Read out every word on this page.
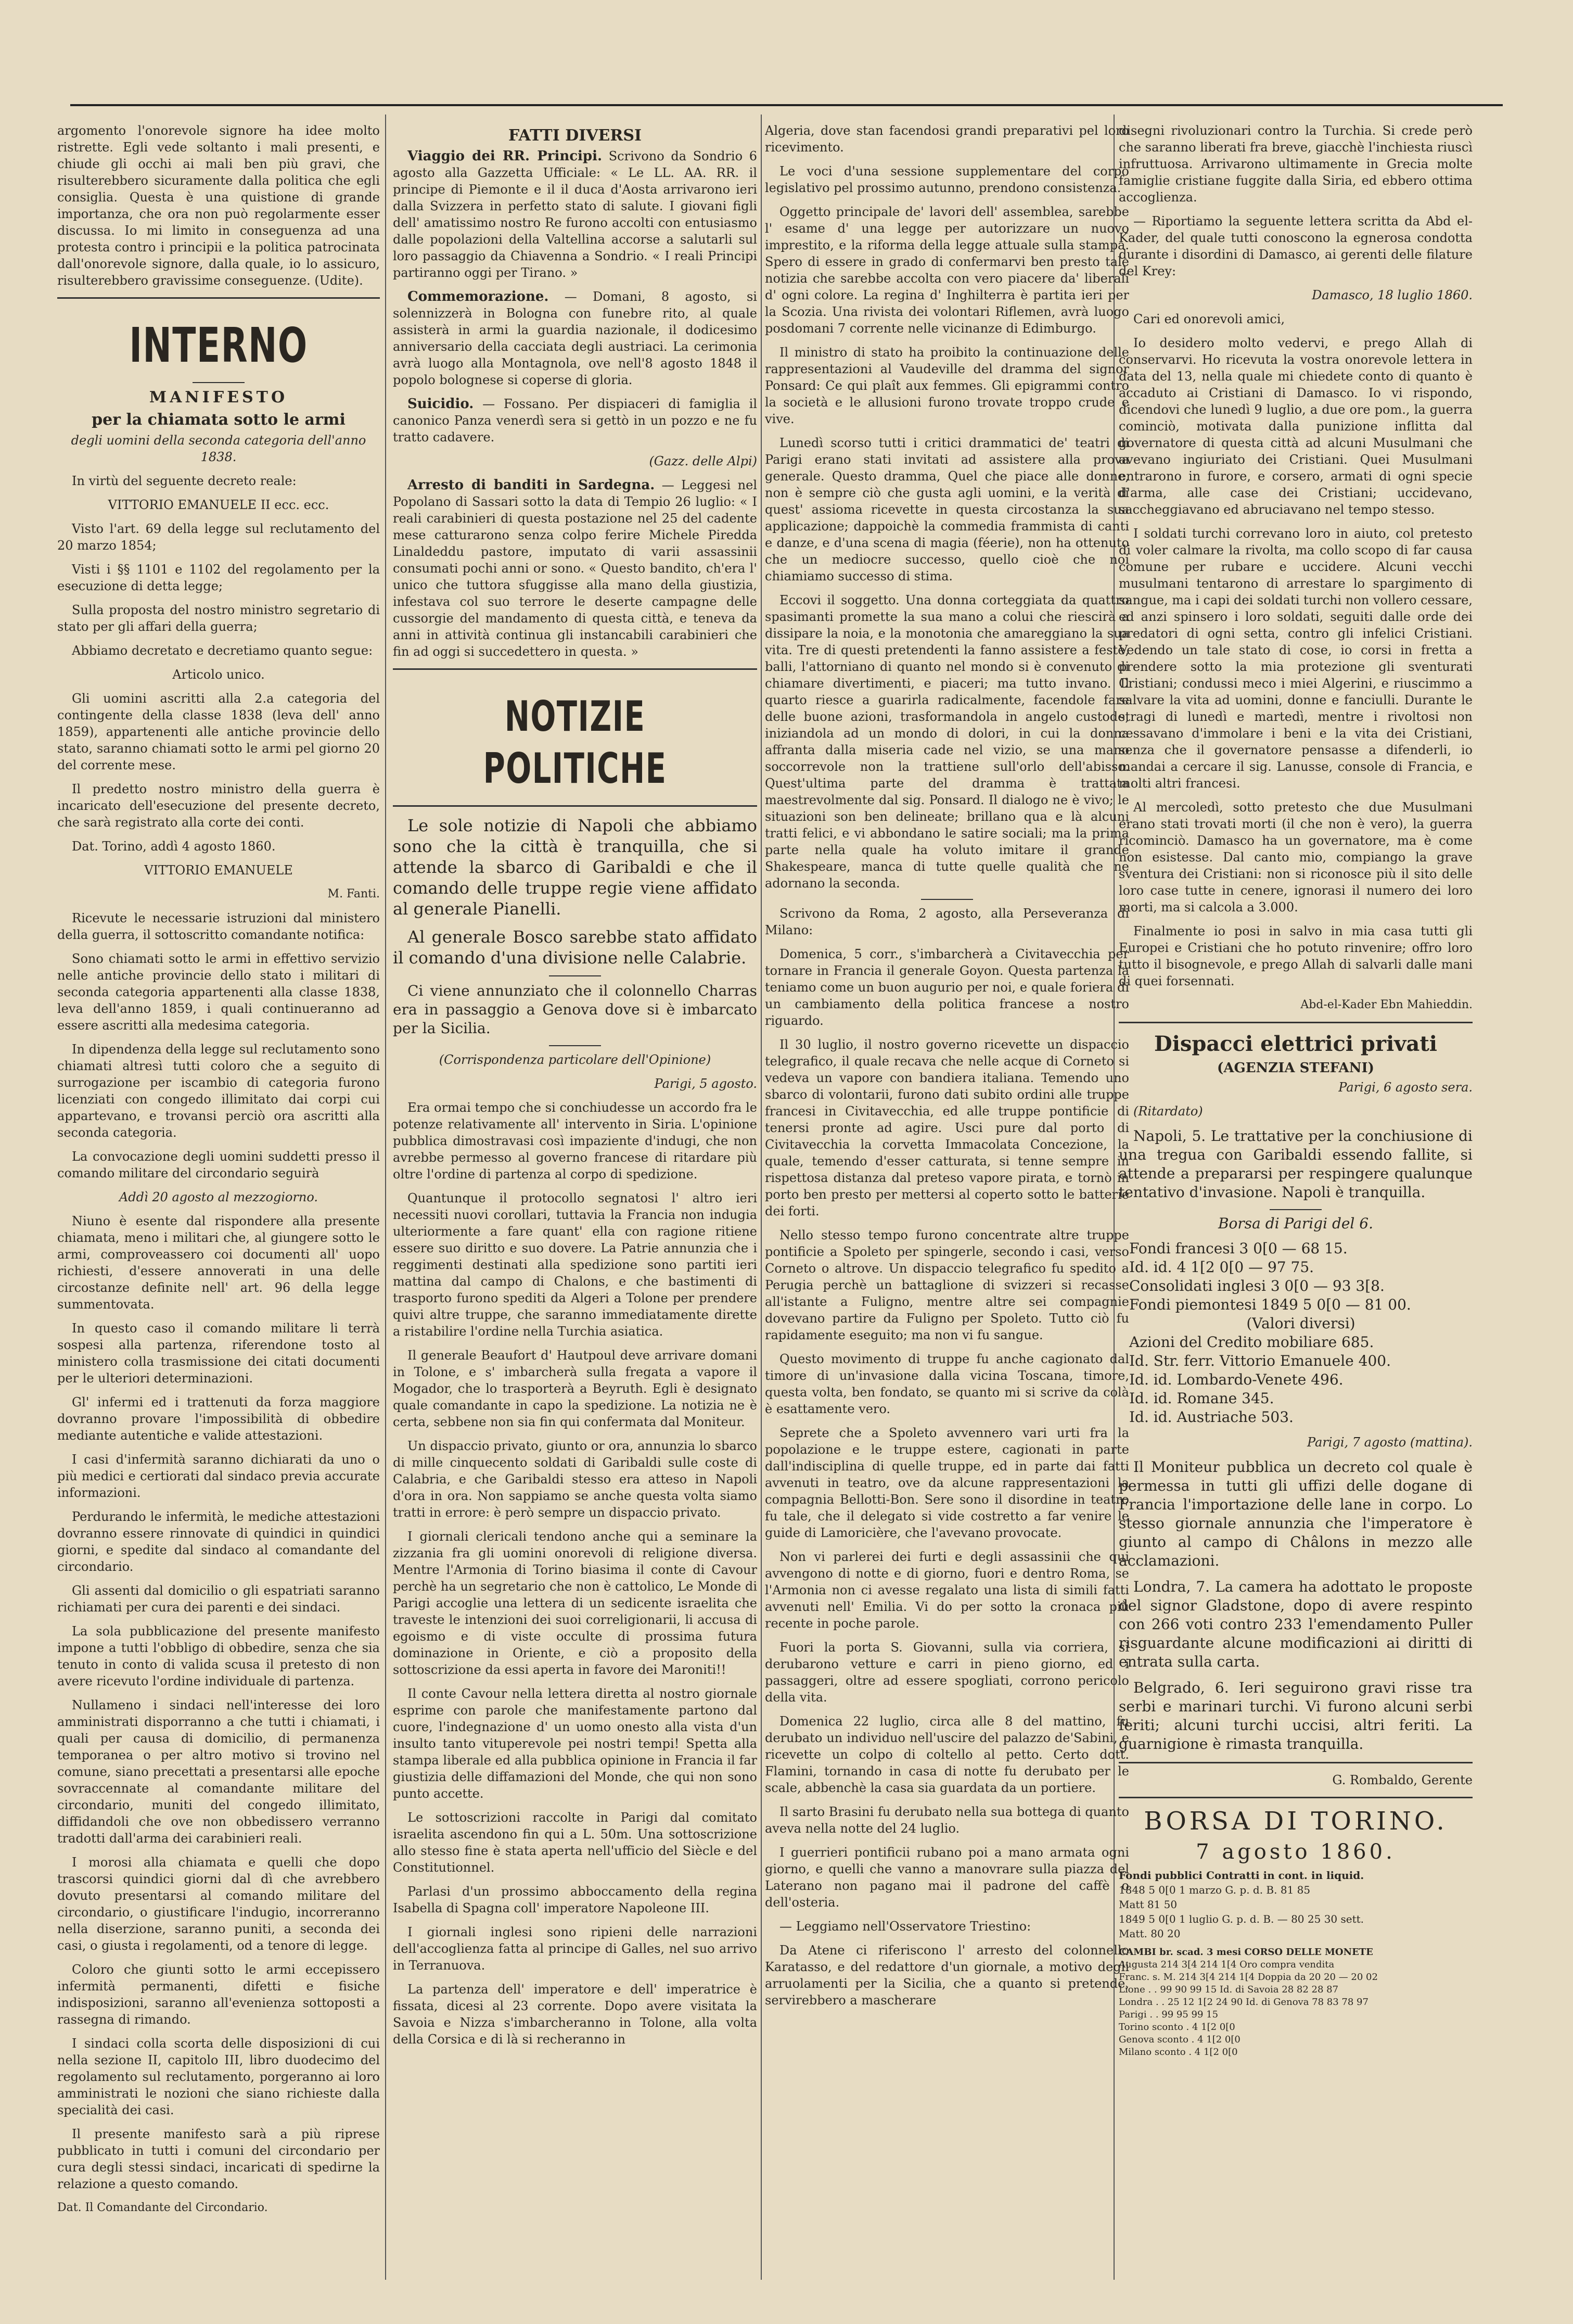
argomento l'onorevole signore ha idee molto ristrette. Egli vede soltanto i mali presenti, e chiude gli occhi ai mali ben più gravi, che risulterebbero sicuramente dalla politica che egli consiglia. Questa è una quistione di grande importanza, che ora non può regolarmente esser discussa. Io mi limito in conseguenza ad una protesta contro i principii e la politica patrocinata dall'onorevole signore, dalla quale, io lo assicuro, risulterebbero gravissime conseguenze. (Udite).

INTERNO
MANIFESTO
per la chiamata sotto le armi

degli uomini della seconda categoria dell'anno 1838.

In virtù del seguente decreto reale:

VITTORIO EMANUELE II ecc. ecc.

Visto l'art. 69 della legge sul reclutamento del 20 marzo 1854;

Visti i §§ 1101 e 1102 del regolamento per la esecuzione di detta legge;

Sulla proposta del nostro ministro segretario di stato per gli affari della guerra;

Abbiamo decretato e decretiamo quanto segue:

Articolo unico.

Gli uomini ascritti alla 2.a categoria del contingente della classe 1838 (leva dell' anno 1859), appartenenti alle antiche provincie dello stato, saranno chiamati sotto le armi pel giorno 20 del corrente mese.

Il predetto nostro ministro della guerra è incaricato dell'esecuzione del presente decreto, che sarà registrato alla corte dei conti.

Dat. Torino, addì 4 agosto 1860.

VITTORIO EMANUELE

M. Fanti.

Ricevute le necessarie istruzioni dal ministero della guerra, il sottoscritto comandante notifica:

Sono chiamati sotto le armi in effettivo servizio nelle antiche provincie dello stato i militari di seconda categoria appartenenti alla classe 1838, leva dell'anno 1859, i quali continueranno ad essere ascritti alla medesima categoria.

In dipendenza della legge sul reclutamento sono chiamati altresì tutti coloro che a seguito di surrogazione per iscambio di categoria furono licenziati con congedo illimitato dai corpi cui appartevano, e trovansi perciò ora ascritti alla seconda categoria.

La convocazione degli uomini suddetti presso il comando militare del circondario seguirà

Addì 20 agosto al mezzogiorno.

Niuno è esente dal rispondere alla presente chiamata, meno i militari che, al giungere sotto le armi, comproveassero coi documenti all' uopo richiesti, d'essere annoverati in una delle circostanze definite nell' art. 96 della legge summentovata.

In questo caso il comando militare li terrà sospesi alla partenza, riferendone tosto al ministero colla trasmissione dei citati documenti per le ulteriori determinazioni.

Gl' infermi ed i trattenuti da forza maggiore dovranno provare l'impossibilità di obbedire mediante autentiche e valide attestazioni.

I casi d'infermità saranno dichiarati da uno o più medici e certiorati dal sindaco previa accurate informazioni.

Perdurando le infermità, le mediche attestazioni dovranno essere rinnovate di quindici in quindici giorni, e spedite dal sindaco al comandante del circondario.

Gli assenti dal domicilio o gli espatriati saranno richiamati per cura dei parenti e dei sindaci.

La sola pubblicazione del presente manifesto impone a tutti l'obbligo di obbedire, senza che sia tenuto in conto di valida scusa il pretesto di non avere ricevuto l'ordine individuale di partenza.

Nullameno i sindaci nell'interesse dei loro amministrati disporranno a che tutti i chiamati, i quali per causa di domicilio, di permanenza temporanea o per altro motivo si trovino nel comune, siano precettati a presentarsi alle epoche sovraccennate al comandante militare del circondario, muniti del congedo illimitato, diffidandoli che ove non obbedissero verranno tradotti dall'arma dei carabinieri reali.

I morosi alla chiamata e quelli che dopo trascorsi quindici giorni dal dì che avrebbero dovuto presentarsi al comando militare del circondario, o giustificare l'indugio, incorreranno nella diserzione, saranno puniti, a seconda dei casi, o giusta i regolamenti, od a tenore di legge.

Coloro che giunti sotto le armi eccepissero infermità permanenti, difetti e fisiche indisposizioni, saranno all'evenienza sottoposti a rassegna di rimando.

I sindaci colla scorta delle disposizioni di cui nella sezione II, capitolo III, libro duodecimo del regolamento sul reclutamento, porgeranno ai loro amministrati le nozioni che siano richieste dalla specialità dei casi.

Il presente manifesto sarà a più riprese pubblicato in tutti i comuni del circondario per cura degli stessi sindaci, incaricati di spedirne la relazione a questo comando.

Dat. Il Comandante del Circondario.

FATTI DIVERSI

Viaggio dei RR. Principi. Scrivono da Sondrio 6 agosto alla Gazzetta Ufficiale: « Le LL. AA. RR. il principe di Piemonte e il il duca d'Aosta arrivarono ieri dalla Svizzera in perfetto stato di salute. I giovani figli dell' amatissimo nostro Re furono accolti con entusiasmo dalle popolazioni della Valtellina accorse a salutarli sul loro passaggio da Chiavenna a Sondrio. « I reali Principi partiranno oggi per Tirano. »

Commemorazione. — Domani, 8 agosto, si solennizzerà in Bologna con funebre rito, al quale assisterà in armi la guardia nazionale, il dodicesimo anniversario della cacciata degli austriaci. La cerimonia avrà luogo alla Montagnola, ove nell'8 agosto 1848 il popolo bolognese si coperse di gloria.

Suicidio. — Fossano. Per dispiaceri di famiglia il canonico Panza venerdì sera si gettò in un pozzo e ne fu tratto cadavere.

(Gazz. delle Alpi)

Arresto di banditi in Sardegna. — Leggesi nel Popolano di Sassari sotto la data di Tempio 26 luglio: « I reali carabinieri di questa postazione nel 25 del cadente mese catturarono senza colpo ferire Michele Piredda Linaldeddu pastore, imputato di varii assassinii consumati pochi anni or sono. « Questo bandito, ch'era l' unico che tuttora sfuggisse alla mano della giustizia, infestava col suo terrore le deserte campagne delle cussorgie del mandamento di questa città, e teneva da anni in attività continua gli instancabili carabinieri che fin ad oggi si succedettero in questa. »

NOTIZIE POLITICHE

Le sole notizie di Napoli che abbiamo sono che la città è tranquilla, che si attende la sbarco di Garibaldi e che il comando delle truppe regie viene affidato al generale Pianelli.

Al generale Bosco sarebbe stato affidato il comando d'una divisione nelle Calabrie.

Ci viene annunziato che il colonnello Charras era in passaggio a Genova dove si è imbarcato per la Sicilia.

(Corrispondenza particolare dell'Opinione)

Parigi, 5 agosto.

Era ormai tempo che si conchiudesse un accordo fra le potenze relativamente all' intervento in Siria. L'opinione pubblica dimostravasi così impaziente d'indugi, che non avrebbe permesso al governo francese di ritardare più oltre l'ordine di partenza al corpo di spedizione.

Quantunque il protocollo segnatosi l' altro ieri necessiti nuovi corollari, tuttavia la Francia non indugia ulteriormente a fare quant' ella con ragione ritiene essere suo diritto e suo dovere. La Patrie annunzia che i reggimenti destinati alla spedizione sono partiti ieri mattina dal campo di Chalons, e che bastimenti di trasporto furono spediti da Algeri a Tolone per prendere quivi altre truppe, che saranno immediatamente dirette a ristabilire l'ordine nella Turchia asiatica.

Il generale Beaufort d' Hautpoul deve arrivare domani in Tolone, e s' imbarcherà sulla fregata a vapore il Mogador, che lo trasporterà a Beyruth. Egli è designato quale comandante in capo la spedizione. La notizia ne è certa, sebbene non sia fin qui confermata dal Moniteur.

Un dispaccio privato, giunto or ora, annunzia lo sbarco di mille cinquecento soldati di Garibaldi sulle coste di Calabria, e che Garibaldi stesso era atteso in Napoli d'ora in ora. Non sappiamo se anche questa volta siamo tratti in errore: è però sempre un dispaccio privato.

I giornali clericali tendono anche qui a seminare la zizzania fra gli uomini onorevoli di religione diversa. Mentre l'Armonia di Torino biasima il conte di Cavour perchè ha un segretario che non è cattolico, Le Monde di Parigi accoglie una lettera di un sedicente israelita che traveste le intenzioni dei suoi correligionarii, li accusa di egoismo e di viste occulte di prossima futura dominazione in Oriente, e ciò a proposito della sottoscrizione da essi aperta in favore dei Maroniti!!

Il conte Cavour nella lettera diretta al nostro giornale esprime con parole che manifestamente partono dal cuore, l'indegnazione d' un uomo onesto alla vista d'un insulto tanto vituperevole pei nostri tempi! Spetta alla stampa liberale ed alla pubblica opinione in Francia il far giustizia delle diffamazioni del Monde, che qui non sono punto accette.

Le sottoscrizioni raccolte in Parigi dal comitato israelita ascendono fin qui a L. 50m. Una sottoscrizione allo stesso fine è stata aperta nell'ufficio del Siècle e del Constitutionnel.

Parlasi d'un prossimo abboccamento della regina Isabella di Spagna coll' imperatore Napoleone III.

I giornali inglesi sono ripieni delle narrazioni dell'accoglienza fatta al principe di Galles, nel suo arrivo in Terranuova.

La partenza dell' imperatore e dell' imperatrice è fissata, dicesi al 23 corrente. Dopo avere visitata la Savoia e Nizza s'imbarcheranno in Tolone, alla volta della Corsica e di là si recheranno in

Algeria, dove stan facendosi grandi preparativi pel loro ricevimento.

Le voci d'una sessione supplementare del corpo legislativo pel prossimo autunno, prendono consistenza.

Oggetto principale de' lavori dell' assemblea, sarebbe l' esame d' una legge per autorizzare un nuovo imprestito, e la riforma della legge attuale sulla stampa. Spero di essere in grado di confermarvi ben presto tale notizia che sarebbe accolta con vero piacere da' liberali d' ogni colore. La regina d' Inghilterra è partita ieri per la Scozia. Una rivista dei volontari Riflemen, avrà luogo posdomani 7 corrente nelle vicinanze di Edimburgo.

Il ministro di stato ha proibito la continuazione delle rappresentazioni al Vaudeville del dramma del signor Ponsard: Ce qui plaît aux femmes. Gli epigrammi contro la società e le allusioni furono trovate troppo crude e vive.

Lunedì scorso tutti i critici drammatici de' teatri di Parigi erano stati invitati ad assistere alla prova generale. Questo dramma, Quel che piace alle donne, non è sempre ciò che gusta agli uomini, e la verità di quest' assioma ricevette in questa circostanza la sua applicazione; dappoichè la commedia frammista di canti e danze, e d'una scena di magia (féerie), non ha ottenuto che un mediocre successo, quello cioè che noi chiamiamo successo di stima.

Eccovi il soggetto. Una donna corteggiata da quattro spasimanti promette la sua mano a colui che riescirà a dissipare la noia, e la monotonia che amareggiano la sua vita. Tre di questi pretendenti la fanno assistere a feste, balli, l'attorniano di quanto nel mondo si è convenuto di chiamare divertimenti, e piaceri; ma tutto invano. Il quarto riesce a guarirla radicalmente, facendole fare delle buone azioni, trasformandola in angelo custode, iniziandola ad un mondo di dolori, in cui la donna affranta dalla miseria cade nel vizio, se una mano soccorrevole non la trattiene sull'orlo dell'abisso. Quest'ultima parte del dramma è trattata maestrevolmente dal sig. Ponsard. Il dialogo ne è vivo; le situazioni son ben delineate; brillano qua e là alcuni tratti felici, e vi abbondano le satire sociali; ma la prima parte nella quale ha voluto imitare il grande Shakespeare, manca di tutte quelle qualità che ne adornano la seconda.

Scrivono da Roma, 2 agosto, alla Perseveranza di Milano:

Domenica, 5 corr., s'imbarcherà a Civitavecchia per tornare in Francia il generale Goyon. Questa partenza la teniamo come un buon augurio per noi, e quale foriera di un cambiamento della politica francese a nostro riguardo.

Il 30 luglio, il nostro governo ricevette un dispaccio telegrafico, il quale recava che nelle acque di Corneto si vedeva un vapore con bandiera italiana. Temendo uno sbarco di volontarii, furono dati subito ordini alle truppe francesi in Civitavecchia, ed alle truppe pontificie di tenersi pronte ad agire. Usci pure dal porto di Civitavecchia la corvetta Immacolata Concezione, la quale, temendo d'esser catturata, si tenne sempre in rispettosa distanza dal preteso vapore pirata, e tornò in porto ben presto per mettersi al coperto sotto le batterie dei forti.

Nello stesso tempo furono concentrate altre truppe pontificie a Spoleto per spingerle, secondo i casi, verso Corneto o altrove. Un dispaccio telegrafico fu spedito a Perugia perchè un battaglione di svizzeri si recasse all'istante a Fuligno, mentre altre sei compagnie dovevano partire da Fuligno per Spoleto. Tutto ciò fu rapidamente eseguito; ma non vi fu sangue.

Questo movimento di truppe fu anche cagionato dal timore di un'invasione dalla vicina Toscana, timore, questa volta, ben fondato, se quanto mi si scrive da colà è esattamente vero.

Seprete che a Spoleto avvennero vari urti fra la popolazione e le truppe estere, cagionati in parte dall'indisciplina di quelle truppe, ed in parte dai fatti avvenuti in teatro, ove da alcune rappresentazioni la compagnia Bellotti-Bon. Sere sono il disordine in teatro fu tale, che il delegato si vide costretto a far venire le guide di Lamoricière, che l'avevano provocate.

Non vi parlerei dei furti e degli assassinii che qui avvengono di notte e di giorno, fuori e dentro Roma, se l'Armonia non ci avesse regalato una lista di simili fatti avvenuti nell' Emilia. Vi do per sotto la cronaca più recente in poche parole.

Fuori la porta S. Giovanni, sulla via corriera, si derubarono vetture e carri in pieno giorno, ed i passaggeri, oltre ad essere spogliati, corrono pericolo della vita.

Domenica 22 luglio, circa alle 8 del mattino, fu derubato un individuo nell'uscire del palazzo de'Sabini, e ricevette un colpo di coltello al petto. Certo dott. Flamini, tornando in casa di notte fu derubato per le scale, abbenchè la casa sia guardata da un portiere.

Il sarto Brasini fu derubato nella sua bottega di quanto aveva nella notte del 24 luglio.

I guerrieri pontificii rubano poi a mano armata ogni giorno, e quelli che vanno a manovrare sulla piazza del Laterano non pagano mai il padrone del caffè o dell'osteria.

— Leggiamo nell'Osservatore Triestino:

Da Atene ci riferiscono l' arresto del colonnello Karatasso, e del redattore d'un giornale, a motivo degli arruolamenti per la Sicilia, che a quanto si pretende, servirebbero a mascherare

disegni rivoluzionari contro la Turchia. Si crede però che saranno liberati fra breve, giacchè l'inchiesta riuscì infruttuosa. Arrivarono ultimamente in Grecia molte famiglie cristiane fuggite dalla Siria, ed ebbero ottima accoglienza.

— Riportiamo la seguente lettera scritta da Abd el-Kader, del quale tutti conoscono la egnerosa condotta durante i disordini di Damasco, ai gerenti delle filature del Krey:

Damasco, 18 luglio 1860.

Cari ed onorevoli amici,

Io desidero molto vedervi, e prego Allah di conservarvi. Ho ricevuta la vostra onorevole lettera in data del 13, nella quale mi chiedete conto di quanto è accaduto ai Cristiani di Damasco. Io vi rispondo, dicendovi che lunedì 9 luglio, a due ore pom., la guerra cominciò, motivata dalla punizione inflitta dal governatore di questa città ad alcuni Musulmani che avevano ingiuriato dei Cristiani. Quei Musulmani entrarono in furore, e corsero, armati di ogni specie d'arma, alle case dei Cristiani; uccidevano, saccheggiavano ed abruciavano nel tempo stesso.

I soldati turchi correvano loro in aiuto, col pretesto di voler calmare la rivolta, ma collo scopo di far causa comune per rubare e uccidere. Alcuni vecchi musulmani tentarono di arrestare lo spargimento di sangue, ma i capi dei soldati turchi non vollero cessare, ed anzi spinsero i loro soldati, seguiti dalle orde dei predatori di ogni setta, contro gli infelici Cristiani. Vedendo un tale stato di cose, io corsi in fretta a prendere sotto la mia protezione gli sventurati Cristiani; condussi meco i miei Algerini, e riuscimmo a salvare la vita ad uomini, donne e fanciulli. Durante le stragi di lunedì e martedì, mentre i rivoltosi non cessavano d'immolare i beni e la vita dei Cristiani, senza che il governatore pensasse a difenderli, io mandai a cercare il sig. Lanusse, console di Francia, e molti altri francesi.

Al mercoledì, sotto pretesto che due Musulmani erano stati trovati morti (il che non è vero), la guerra ricominciò. Damasco ha un governatore, ma è come non esistesse. Dal canto mio, compiango la grave sventura dei Cristiani: non si riconosce più il sito delle loro case tutte in cenere, ignorasi il numero dei loro morti, ma si calcola a 3.000.

Finalmente io posi in salvo in mia casa tutti gli Europei e Cristiani che ho potuto rinvenire; offro loro tutto il bisognevole, e prego Allah di salvarli dalle mani di quei forsennati.

Abd-el-Kader Ebn Mahieddin.

Dispacci elettrici privati
(AGENZIA STEFANI)

Parigi, 6 agosto sera.

(Ritardato)

Napoli, 5. Le trattative per la conchiusione di una tregua con Garibaldi essendo fallite, si attende a prepararsi per respingere qualunque tentativo d'invasione. Napoli è tranquilla.

Borsa di Parigi del 6.

Fondi francesi 3 0[0 — 68 15.
Id. id. 4 1[2 0[0 — 97 75.
Consolidati inglesi 3 0[0 — 93 3[8.
Fondi piemontesi 1849 5 0[0 — 81 00.
(Valori diversi)
Azioni del Credito mobiliare 685.
Id. Str. ferr. Vittorio Emanuele 400.
Id. id. Lombardo-Venete 496.
Id. id. Romane 345.
Id. id. Austriache 503.

Parigi, 7 agosto (mattina).

Il Moniteur pubblica un decreto col quale è permessa in tutti gli uffizi delle dogane di Francia l'importazione delle lane in corpo. Lo stesso giornale annunzia che l'imperatore è giunto al campo di Châlons in mezzo alle acclamazioni.

Londra, 7. La camera ha adottato le proposte del signor Gladstone, dopo di avere respinto con 266 voti contro 233 l'emendamento Puller risguardante alcune modificazioni ai diritti di entrata sulla carta.

Belgrado, 6. Ieri seguirono gravi risse tra serbi e marinari turchi. Vi furono alcuni serbi feriti; alcuni turchi uccisi, altri feriti. La guarnigione è rimasta tranquilla.

G. Rombaldo, Gerente

BORSA DI TORINO.
7 agosto 1860.
Fondi pubblici Contratti in cont. in liquid.
1848 5 0[0 1 marzo G. p. d. B. 81 85
Matt 81 50
1849 5 0[0 1 luglio G. p. d. B. — 80 25 30 sett.
Matt. 80 20
CAMBI br. scad. 3 mesi CORSO DELLE MONETE
Augusta 214 3[4 214 1[4 Oro compra vendita
Franc. s. M. 214 3[4 214 1[4 Doppia da 20 20 — 20 02
Lione . . 99 90 99 15 Id. di Savoia 28 82 28 87
Londra . . 25 12 1[2 24 90 Id. di Genova 78 83 78 97
Parigi . . 99 95 99 15
Torino sconto . 4 1[2 0[0
Genova sconto . 4 1[2 0[0
Milano sconto . 4 1[2 0[0
